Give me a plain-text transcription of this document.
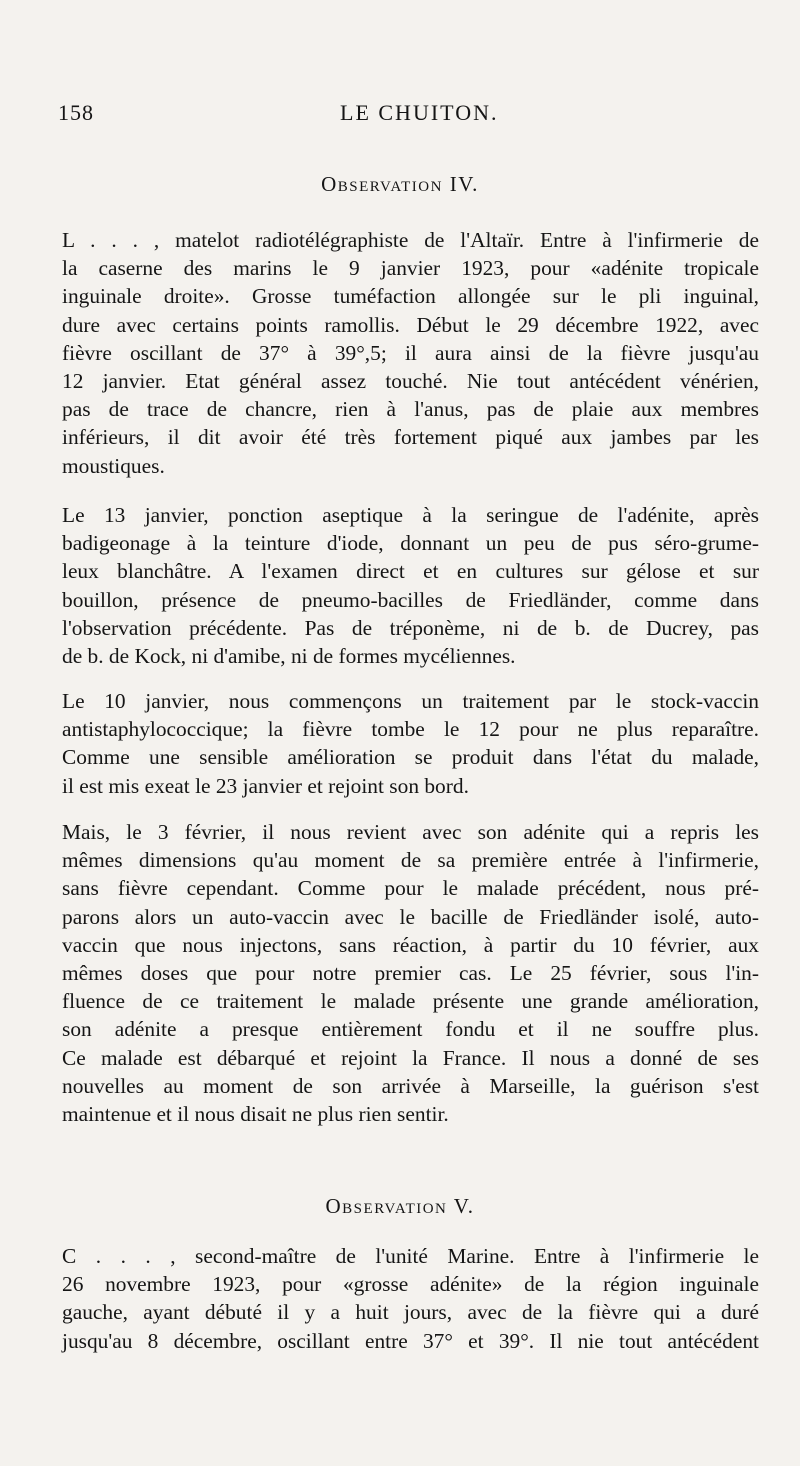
158	LE CHUITON.
Observation IV.

L . . . , matelot radiotélégraphiste de l'Altaïr. Entre à l'infirmerie de
la caserne des marins le 9 janvier 1923, pour «adénite tropicale
inguinale droite». Grosse tuméfaction allongée sur le pli inguinal,
dure avec certains points ramollis. Début le 29 décembre 1922, avec
fièvre oscillant de 37° à 39°,5; il aura ainsi de la fièvre jusqu'au
12 janvier. Etat général assez touché. Nie tout antécédent vénérien,
pas de trace de chancre, rien à l'anus, pas de plaie aux membres
inférieurs, il dit avoir été très fortement piqué aux jambes par les
moustiques.

Le 13 janvier, ponction aseptique à la seringue de l'adénite, après
badigeonage à la teinture d'iode, donnant un peu de pus séro-grume-
leux blanchâtre. A l'examen direct et en cultures sur gélose et sur
bouillon, présence de pneumo-bacilles de Friedländer, comme dans
l'observation précédente. Pas de tréponème, ni de b. de Ducrey, pas
de b. de Kock, ni d'amibe, ni de formes mycéliennes.

Le 10 janvier, nous commençons un traitement par le stock-vaccin
antistaphylococcique; la fièvre tombe le 12 pour ne plus reparaître.
Comme une sensible amélioration se produit dans l'état du malade,
il est mis exeat le 23 janvier et rejoint son bord.

Mais, le 3 février, il nous revient avec son adénite qui a repris les
mêmes dimensions qu'au moment de sa première entrée à l'infirmerie,
sans fièvre cependant. Comme pour le malade précédent, nous pré-
parons alors un auto-vaccin avec le bacille de Friedländer isolé, auto-
vaccin que nous injectons, sans réaction, à partir du 10 février, aux
mêmes doses que pour notre premier cas. Le 25 février, sous l'in-
fluence de ce traitement le malade présente une grande amélioration,
son adénite a presque entièrement fondu et il ne souffre plus.
Ce malade est débarqué et rejoint la France. Il nous a donné de ses
nouvelles au moment de son arrivée à Marseille, la guérison s'est
maintenue et il nous disait ne plus rien sentir.

Observation V.

C . . . , second-maître de l'unité Marine. Entre à l'infirmerie le
26 novembre 1923, pour «grosse adénite» de la région inguinale
gauche, ayant débuté il y a huit jours, avec de la fièvre qui a duré
jusqu'au 8 décembre, oscillant entre 37° et 39°. Il nie tout antécédent
